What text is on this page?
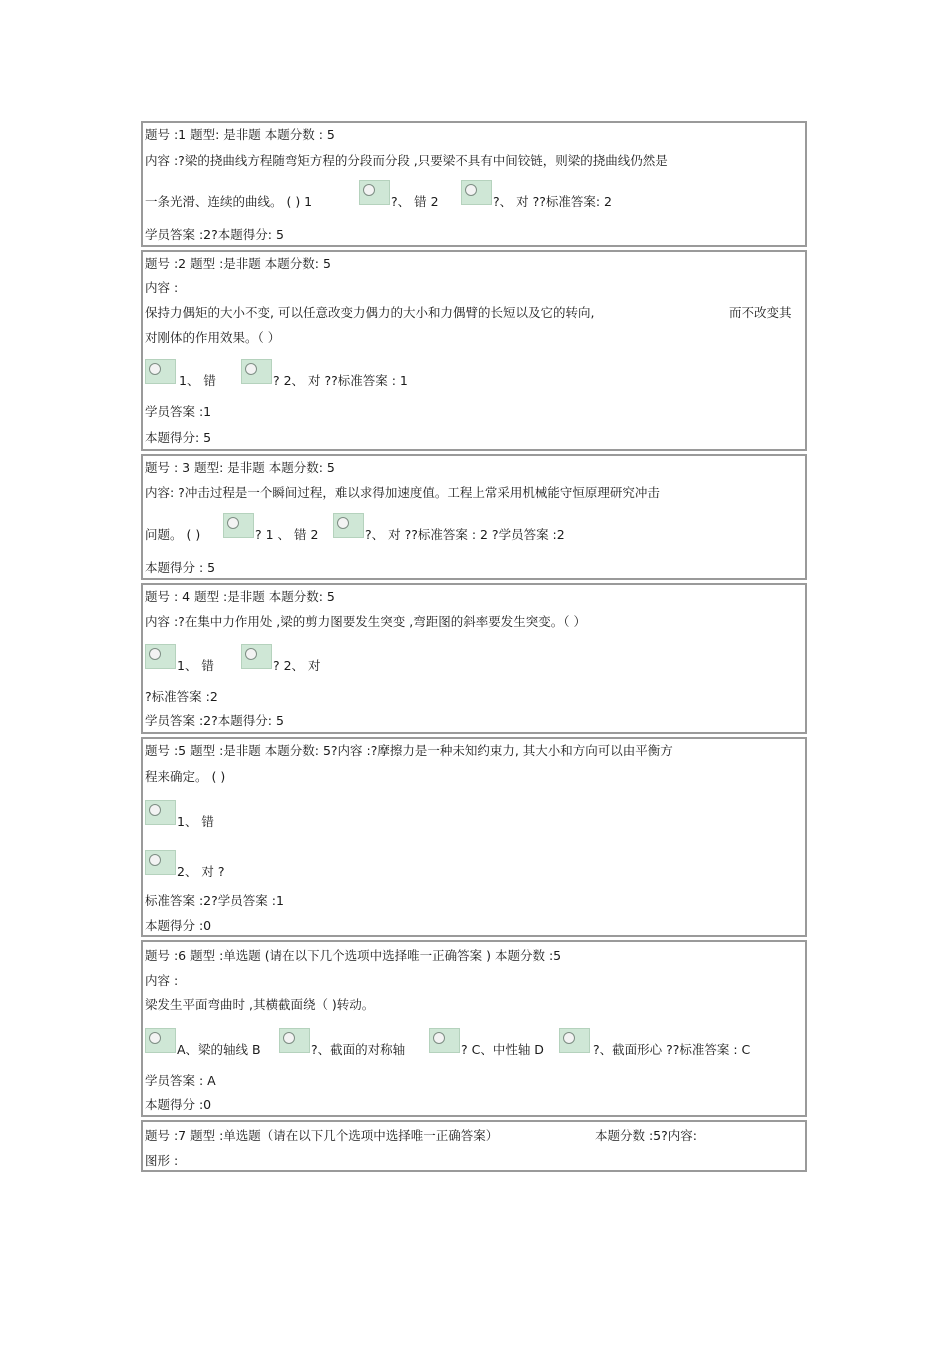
题号 :1 题型: 是非题 本题分数 : 5
内容 :?梁的挠曲线方程随弯矩方程的分段而分段 ,只要梁不具有中间铰链，则梁的挠曲线仍然是
一条光滑、连续的曲线。 ( ) 1	?、 错 2	?、 对 ??标准答案: 2
学员答案 :2?本题得分: 5
题号 :2 题型 :是非题 本题分数: 5
内容 :
保持力偶矩的大小不变, 可以任意改变力偶力的大小和力偶臂的长短以及它的转向,	而不改变其
对刚体的作用效果。（ ）
1、 错	? 2、 对 ??标准答案 : 1
学员答案 :1
本题得分: 5
题号 : 3 题型: 是非题 本题分数: 5
内容: ?冲击过程是一个瞬间过程，难以求得加速度值。工程上常采用机械能守恒原理研究冲击
问题。 ( )	? 1 、 错 2	?、 对 ??标准答案 : 2 ?学员答案 :2
本题得分 : 5
题号 : 4 题型 :是非题 本题分数: 5
内容 :?在集中力作用处 ,梁的剪力图要发生突变 ,弯距图的斜率要发生突变。（ ）
1、 错	? 2、 对
?标准答案 :2
学员答案 :2?本题得分: 5
题号 :5 题型 :是非题 本题分数: 5?内容 :?摩擦力是一种未知约束力, 其大小和方向可以由平衡方
程来确定。 ( )
1、 错
2、 对 ?
标准答案 :2?学员答案 :1
本题得分 :0
题号 :6 题型 :单选题 (请在以下几个选项中选择唯一正确答案 ) 本题分数 :5
内容 :
梁发生平面弯曲时 ,其横截面绕（ )转动。
A、梁的轴线 B	?、截面的对称轴	? C、中性轴 D	?、截面形心 ??标准答案 : C
学员答案 : A
本题得分 :0
题号 :7 题型 :单选题（请在以下几个选项中选择唯一正确答案）	本题分数 :5?内容:
图形 :
